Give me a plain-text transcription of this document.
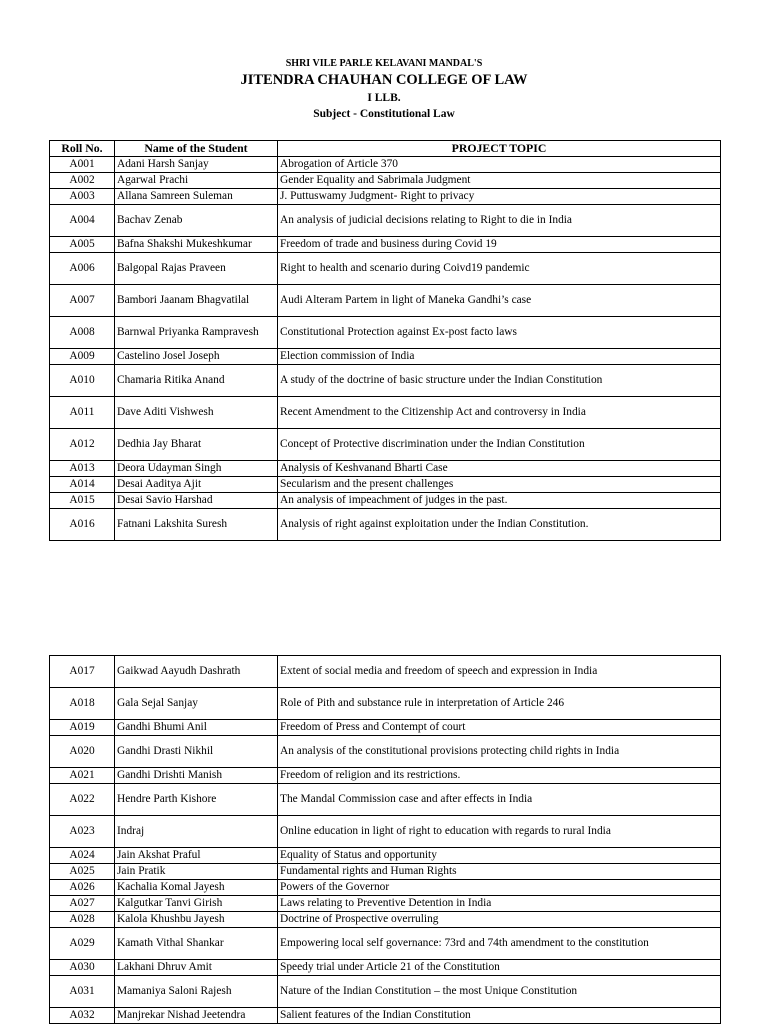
SHRI VILE PARLE KELAVANI MANDAL'S
JITENDRA CHAUHAN COLLEGE OF LAW
I LLB.
Subject - Constitutional Law
Roll No.	Name of the Student	PROJECT TOPIC
A001	Adani Harsh Sanjay	Abrogation of Article 370
A002	Agarwal Prachi	Gender Equality and Sabrimala Judgment
A003	Allana Samreen Suleman	J. Puttuswamy Judgment- Right to privacy
A004	Bachav Zenab	An analysis of judicial decisions relating to Right to die in India
A005	Bafna Shakshi Mukeshkumar	Freedom of trade and business during Covid 19
A006	Balgopal Rajas Praveen	Right to health and scenario during Coivd19 pandemic
A007	Bambori Jaanam Bhagvatilal	Audi Alteram Partem in light of Maneka Gandhi’s case
A008	Barnwal Priyanka Rampravesh	Constitutional Protection against Ex-post facto laws
A009	Castelino Josel Joseph	Election commission of India
A010	Chamaria Ritika Anand	A study of the doctrine of basic structure under the Indian Constitution
A011	Dave Aditi Vishwesh	Recent Amendment to the Citizenship Act and controversy in India
A012	Dedhia Jay Bharat	Concept of Protective discrimination under the Indian Constitution
A013	Deora Udayman Singh	Analysis of Keshvanand Bharti Case
A014	Desai Aaditya Ajit	Secularism and the present challenges
A015	Desai Savio Harshad	An analysis of impeachment of judges in the past.
A016	Fatnani Lakshita Suresh	Analysis of right against exploitation under the Indian Constitution.
A017	Gaikwad Aayudh Dashrath	Extent of social media and freedom of speech and expression in India
A018	Gala Sejal Sanjay	Role of Pith and substance rule in interpretation of Article 246
A019	Gandhi Bhumi Anil	Freedom of Press and Contempt of court
A020	Gandhi Drasti Nikhil	An analysis of the constitutional provisions protecting child rights in India
A021	Gandhi Drishti Manish	Freedom of religion and its restrictions.
A022	Hendre Parth Kishore	The Mandal Commission case and after effects in India
A023	Indraj	Online education in light of right to education with regards to rural India
A024	Jain Akshat Praful	Equality of Status and opportunity
A025	Jain Pratik	Fundamental rights and Human Rights
A026	Kachalia Komal Jayesh	Powers of the Governor
A027	Kalgutkar Tanvi Girish	Laws relating to Preventive Detention in India
A028	Kalola Khushbu Jayesh	Doctrine of Prospective overruling
A029	Kamath Vithal Shankar	Empowering local self governance: 73rd and 74th amendment to the constitution
A030	Lakhani Dhruv Amit	Speedy trial under Article 21 of the Constitution
A031	Mamaniya Saloni Rajesh	Nature of the Indian Constitution – the most Unique Constitution
A032	Manjrekar Nishad Jeetendra	Salient features of the Indian Constitution
